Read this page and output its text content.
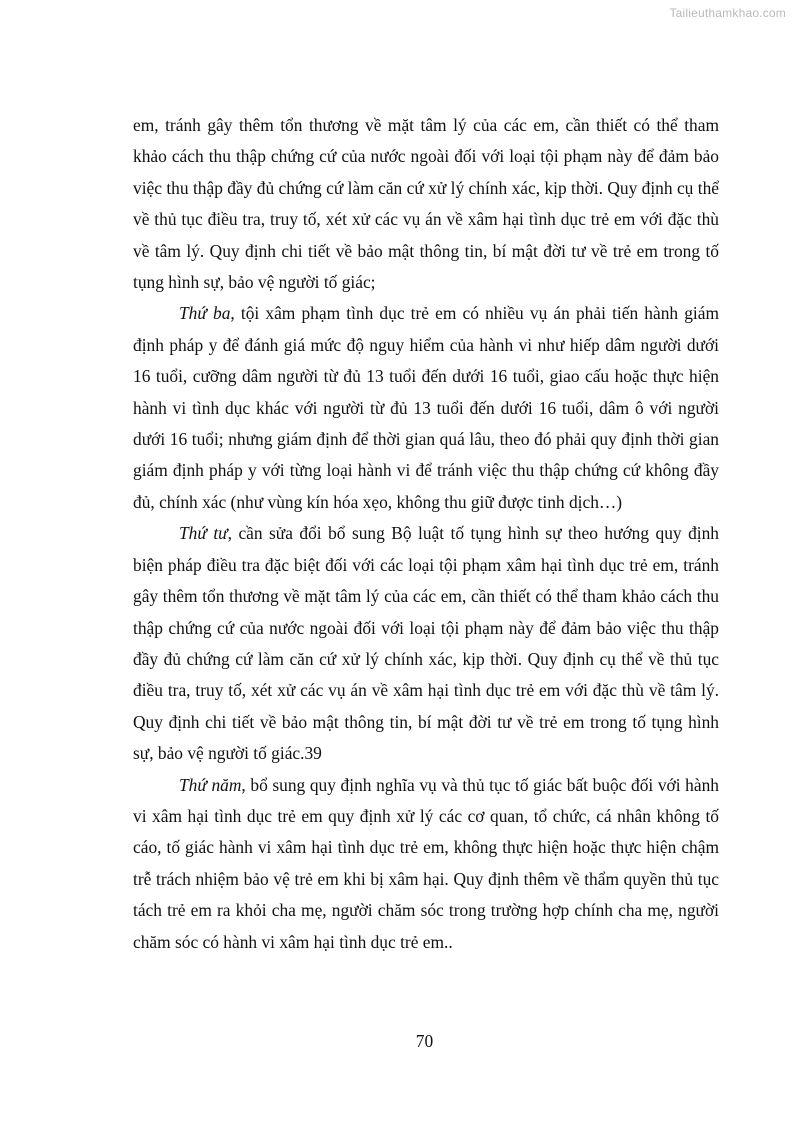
Tailieuthamkhao.com

em, tránh gây thêm tổn thương về mặt tâm lý của các em, cần thiết có thể tham khảo cách thu thập chứng cứ của nước ngoài đối với loại tội phạm này để đảm bảo việc thu thập đầy đủ chứng cứ làm căn cứ xử lý chính xác, kịp thời. Quy định cụ thể về thủ tục điều tra, truy tố, xét xử các vụ án về xâm hại tình dục trẻ em với đặc thù về tâm lý. Quy định chi tiết về bảo mật thông tin, bí mật đời tư về trẻ em trong tố tụng hình sự, bảo vệ người tố giác;

Thứ ba, tội xâm phạm tình dục trẻ em có nhiều vụ án phải tiến hành giám định pháp y để đánh giá mức độ nguy hiểm của hành vi như hiếp dâm người dưới 16 tuổi, cưỡng dâm người từ đủ 13 tuổi đến dưới 16 tuổi, giao cấu hoặc thực hiện hành vi tình dục khác với người từ đủ 13 tuổi đến dưới 16 tuổi, dâm ô với người dưới 16 tuổi; nhưng giám định để thời gian quá lâu, theo đó phải quy định thời gian giám định pháp y với từng loại hành vi để tránh việc thu thập chứng cứ không đầy đủ, chính xác (như vùng kín hóa xẹo, không thu giữ được tinh dịch…)

Thứ tư, cần sửa đổi bổ sung Bộ luật tố tụng hình sự theo hướng quy định biện pháp điều tra đặc biệt đối với các loại tội phạm xâm hại tình dục trẻ em, tránh gây thêm tổn thương về mặt tâm lý của các em, cần thiết có thể tham khảo cách thu thập chứng cứ của nước ngoài đối với loại tội phạm này để đảm bảo việc thu thập đầy đủ chứng cứ làm căn cứ xử lý chính xác, kịp thời. Quy định cụ thể về thủ tục điều tra, truy tố, xét xử các vụ án về xâm hại tình dục trẻ em với đặc thù về tâm lý. Quy định chi tiết về bảo mật thông tin, bí mật đời tư về trẻ em trong tố tụng hình sự, bảo vệ người tố giác.39

Thứ năm, bổ sung quy định nghĩa vụ và thủ tục tố giác bất buộc đối với hành vi xâm hại tình dục trẻ em quy định xử lý các cơ quan, tổ chức, cá nhân không tố cáo, tố giác hành vi xâm hại tình dục trẻ em, không thực hiện hoặc thực hiện chậm trễ trách nhiệm bảo vệ trẻ em khi bị xâm hại. Quy định thêm về thẩm quyền thủ tục tách trẻ em ra khỏi cha mẹ, người chăm sóc trong trường hợp chính cha mẹ, người chăm sóc có hành vi xâm hại tình dục trẻ em..

70
